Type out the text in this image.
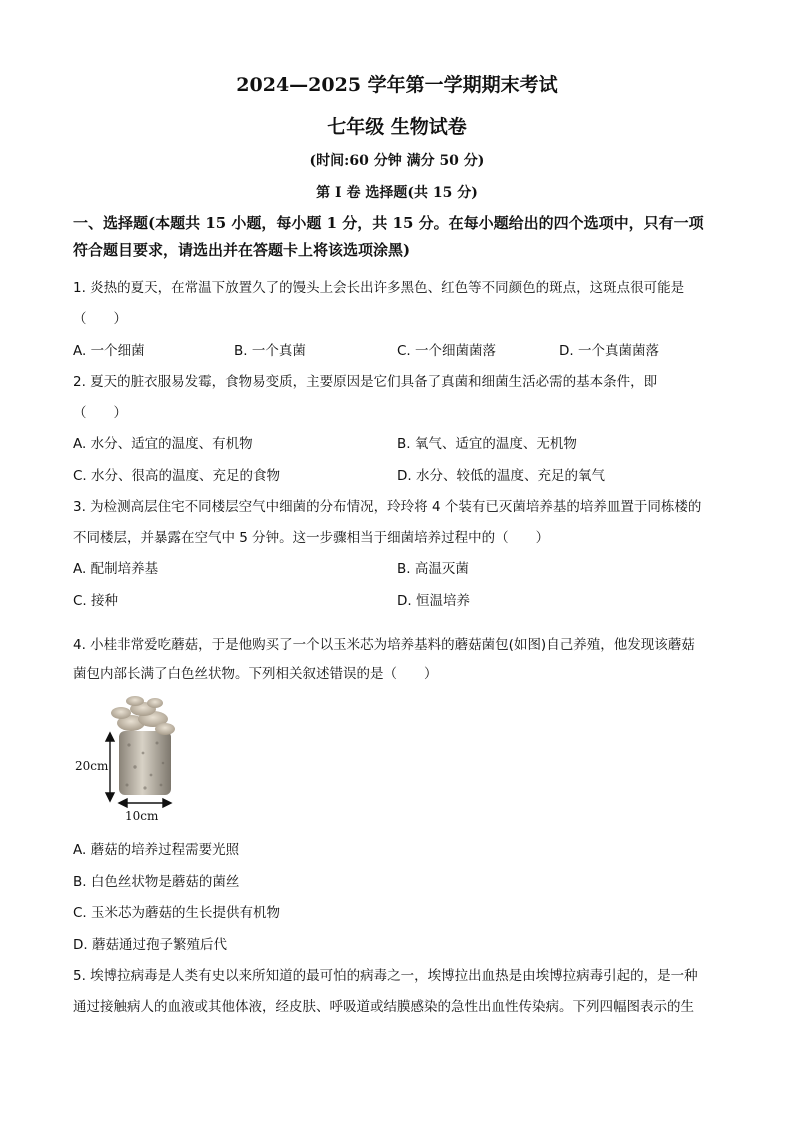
2024—2025 学年第一学期期末考试
七年级 生物试卷
(时间:60 分钟 满分 50 分)
第 I 卷 选择题(共 15 分)
一、选择题(本题共 15 小题，每小题 1 分，共 15 分。在每小题给出的四个选项中，只有一项
符合题目要求，请选出并在答题卡上将该选项涂黑)
1. 炎热的夏天，在常温下放置久了的馒头上会长出许多黑色、红色等不同颜色的斑点，这斑点很可能是
（　　）
A. 一个细菌	B. 一个真菌	C. 一个细菌菌落	D. 一个真菌菌落
2. 夏天的脏衣服易发霉，食物易变质，主要原因是它们具备了真菌和细菌生活必需的基本条件，即
（　　）
A. 水分、适宜的温度、有机物	B. 氧气、适宜的温度、无机物
C. 水分、很高的温度、充足的食物	D. 水分、较低的温度、充足的氧气
3. 为检测高层住宅不同楼层空气中细菌的分布情况，玲玲将 4 个装有已灭菌培养基的培养皿置于同栋楼的
不同楼层，并暴露在空气中 5 分钟。这一步骤相当于细菌培养过程中的（　　）
A. 配制培养基	B. 高温灭菌
C. 接种	D. 恒温培养
4. 小桂非常爱吃蘑菇，于是他购买了一个以玉米芯为培养基料的蘑菇菌包(如图)自己养殖，他发现该蘑菇
菌包内部长满了白色丝状物。下列相关叙述错误的是（　　）
20cm
10cm
A. 蘑菇的培养过程需要光照
B. 白色丝状物是蘑菇的菌丝
C. 玉米芯为蘑菇的生长提供有机物
D. 蘑菇通过孢子繁殖后代
5. 埃博拉病毒是人类有史以来所知道的最可怕的病毒之一，埃博拉出血热是由埃博拉病毒引起的，是一种
通过接触病人的血液或其他体液，经皮肤、呼吸道或结膜感染的急性出血性传染病。下列四幅图表示的生
